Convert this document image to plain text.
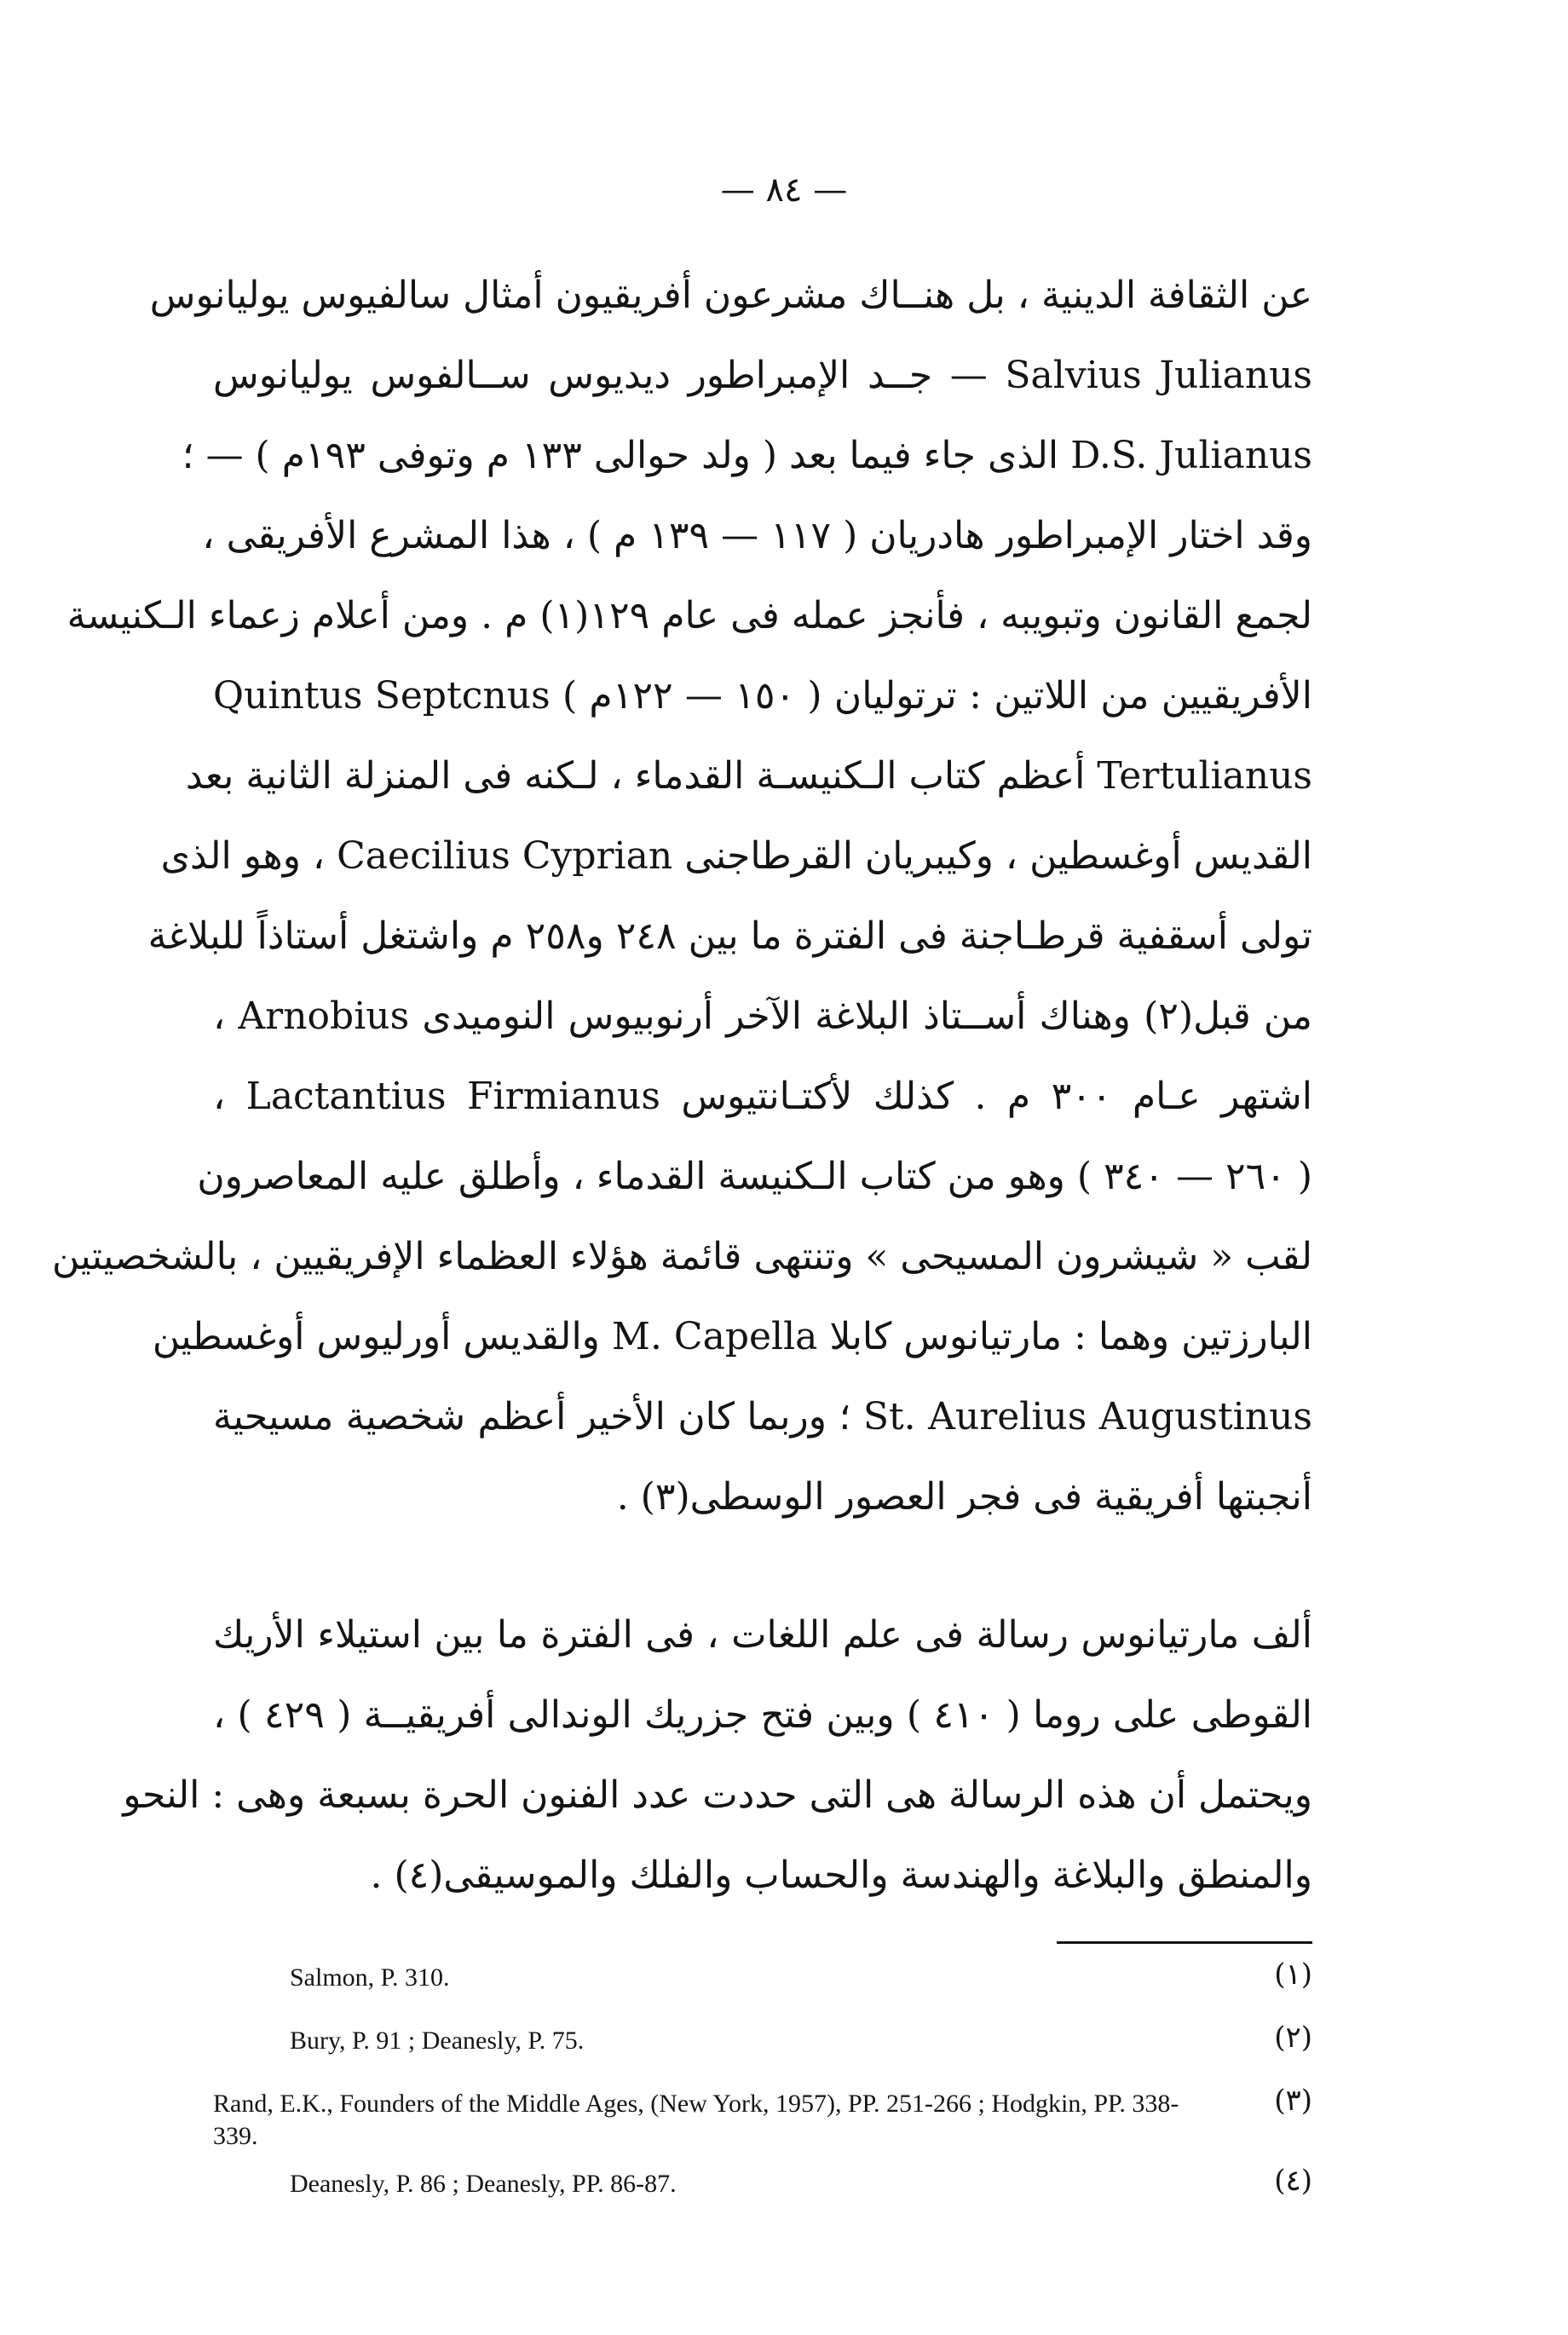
— ٨٤ —
عن الثقافة الدينية ، بل هنــاك مشرعون أفريقيون أمثال سالفيوس يوليانوس
Salvius Julianus — جــد الإمبراطور ديديوس ســالفوس يوليانوس
D.S. Julianus الذى جاء فيما بعد ( ولد حوالى ١٣٣ م وتوفى ١٩٣م ) — ؛
وقد اختار الإمبراطور هادريان ( ١١٧ — ١٣٩ م ) ، هذا المشرع الأفريقى ،
لجمع القانون وتبويبه ، فأنجز عمله فى عام ١٢٩(١) م . ومن أعلام زعماء الـكنيسة
الأفريقيين من اللاتين : ترتوليان ( ١٥٠ — ١٢٢م ) Quintus Septcnus
Tertulianus أعظم كتاب الـكنيسـة القدماء ، لـكنه فى المنزلة الثانية بعد
القديس أوغسطين ، وكيبريان القرطاجنى Caecilius Cyprian ، وهو الذى
تولى أسقفية قرطـاجنة فى الفترة ما بين ٢٤٨ و٢٥٨ م واشتغل أستاذاً للبلاغة
من قبل(٢) وهناك أســتاذ البلاغة الآخر أرنوبيوس النوميدى Arnobius ،
اشتهر عـام ٣٠٠ م . كذلك لأكتـانتيوس Lactantius Firmianus ،
( ٢٦٠ — ٣٤٠ ) وهو من كتاب الـكنيسة القدماء ، وأطلق عليه المعاصرون
لقب « شيشرون المسيحى » وتنتهى قائمة هؤلاء العظماء الإفريقيين ، بالشخصيتين
البارزتين وهما : مارتيانوس كابلا M. Capella والقديس أورليوس أوغسطين
St. Aurelius Augustinus ؛ وربما كان الأخير أعظم شخصية مسيحية
أنجبتها أفريقية فى فجر العصور الوسطى(٣) .
ألف مارتيانوس رسالة فى علم اللغات ، فى الفترة ما بين استيلاء الأريك
القوطى على روما ( ٤١٠ ) وبين فتح جزريك الوندالى أفريقيــة ( ٤٢٩ ) ،
ويحتمل أن هذه الرسالة هى التى حددت عدد الفنون الحرة بسبعة وهى : النحو
والمنطق والبلاغة والهندسة والحساب والفلك والموسيقى(٤) .
(١)
Salmon, P. 310.
(٢)
Bury, P. 91 ; Deanesly, P. 75.
(٣)
Rand, E.K., Founders of the Middle Ages, (New York, 1957), PP. 251-266 ; Hodgkin, PP. 338-339.
(٤)
Deanesly, P. 86 ; Deanesly, PP. 86-87.
